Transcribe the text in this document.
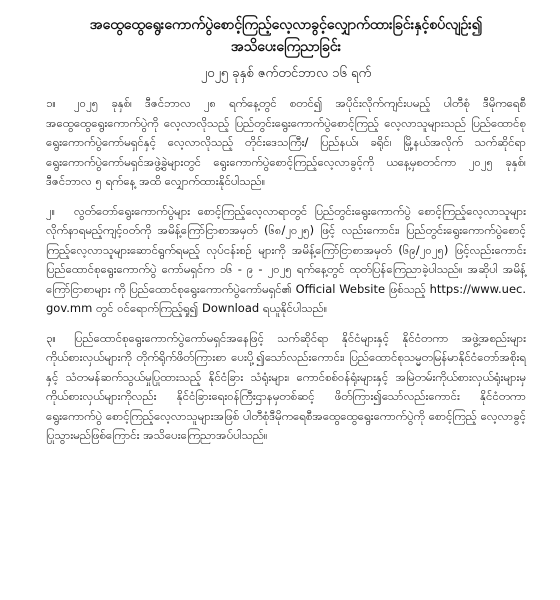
အထွေထွေရွေးကောက်ပွဲစောင့်ကြည့်လေ့လာခွင့်လျှောက်ထားခြင်းနှင့်စပ်လျဉ်း၍

အသိပေးကြေညာခြင်း

၂၀၂၅ ခုနှစ် ဇက်တင်ဘာလ ၁၆ ရက်

၁။ ၂၀၂၅ ခုနှစ်၊ ဒီဇင်ဘာလ ၂၈ ရက်နေ့တွင် စတင်၍ အပိုင်းလိုက်ကျင်းပမည့် ပါတီစုံ ဒီမိုကရေစီအထွေထွေရွေးကောက်ပွဲကို လေ့လာလိုသည့် ပြည်တွင်းရွေးကောက်ပွဲစောင့်ကြည့် လေ့လာသူများသည် ပြည်ထောင်စုရွေးကောက်ပွဲကော်မရှင်နှင့် လေ့လာလိုသည့် တိုင်းဒေသကြီး/ ပြည်နယ်၊ ခရိုင်၊ မြို့နယ်အလိုက် သက်ဆိုင်ရာရွေးကောက်ပွဲကော်မရှင်အဖွဲ့ခွဲများတွင် ရွေးကောက်ပွဲစောင့်ကြည့်လေ့လာခွင့်ကို ယနေ့မှစတင်ကာ ၂၀၂၅ ခုနှစ်၊ ဒီဇင်ဘာလ ၅ ရက်နေ့ အထိ လျှောက်ထားနိုင်ပါသည်။

၂။ လွတ်တော်ရွေးကောက်ပွဲများ စောင့်ကြည့်လေ့လာရာတွင် ပြည်တွင်းရွေးကောက်ပွဲ စောင့်ကြည့်လေ့လာသူများလိုက်နာရမည့်ကျင့်ဝတ်ကို အမိန့်ကြော်ငြာစာအမှတ် (၆၈/၂၀၂၅) ဖြင့် လည်းကောင်း၊ ပြည်တွင်းရွေးကောက်ပွဲစောင့်ကြည့်လေ့လာသူများဆောင်ရွက်ရမည့် လုပ်ငန်းစဉ် များကို အမိန့်ကြော်ငြာစာအမှတ် (၆၉/၂၀၂၅) ဖြင့်လည်းကောင်း ပြည်ထောင်စုရွေးကောက်ပွဲ ကော်မရှင်က ၁၆ - ၉ - ၂၀၂၅ ရက်နေ့တွင် ထုတ်ပြန်ကြေညာခဲ့ပါသည်။ အဆိုပါ အမိန့်ကြော်ငြာစာများ ကို ပြည်ထောင်စုရွေးကောက်ပွဲကော်မရှင်၏ Official Website ဖြစ်သည့် https://www.uec. gov.mm တွင် ဝင်ရောက်ကြည့်ရှု၍ Download ရယူနိုင်ပါသည်။

၃။ ပြည်ထောင်စုရွေးကောက်ပွဲကော်မရှင်အနေဖြင့် သက်ဆိုင်ရာ နိုင်ငံများနှင့် နိုင်ငံတကာ အဖွဲ့အစည်းများကိုယ်စားလှယ်များကို တိုက်ရိုက်ဖိတ်ကြားစာ ပေးပို့၍သော်လည်းကောင်း၊ ပြည်ထောင်စုသမ္မတမြန်မာနိုင်ငံတော်အစိုးရနှင့် သံတမန်ဆက်သွယ်မှုပြုထားသည့် နိုင်ငံခြား သံရုံးများ၊ ကောင်စစ်ဝန်ရုံးများနှင့် အမြဲတမ်းကိုယ်စားလှယ်ရုံးများမှ ကိုယ်စားလှယ်များကိုလည်း နိုင်ငံခြားရေးဝန်ကြီးဌာနမှတစ်ဆင့် ဖိတ်ကြား၍သော်လည်းကောင်း နိုင်ငံတကာရွေးကောက်ပွဲ စောင့်ကြည့်လေ့လာသူများအဖြစ် ပါတီစုံဒီမိုကရေစီအထွေထွေရွေးကောက်ပွဲကို စောင့်ကြည့် လေ့လာခွင့် ပြုသွားမည်ဖြစ်ကြောင်း အသိပေးကြေညာအပ်ပါသည်။
